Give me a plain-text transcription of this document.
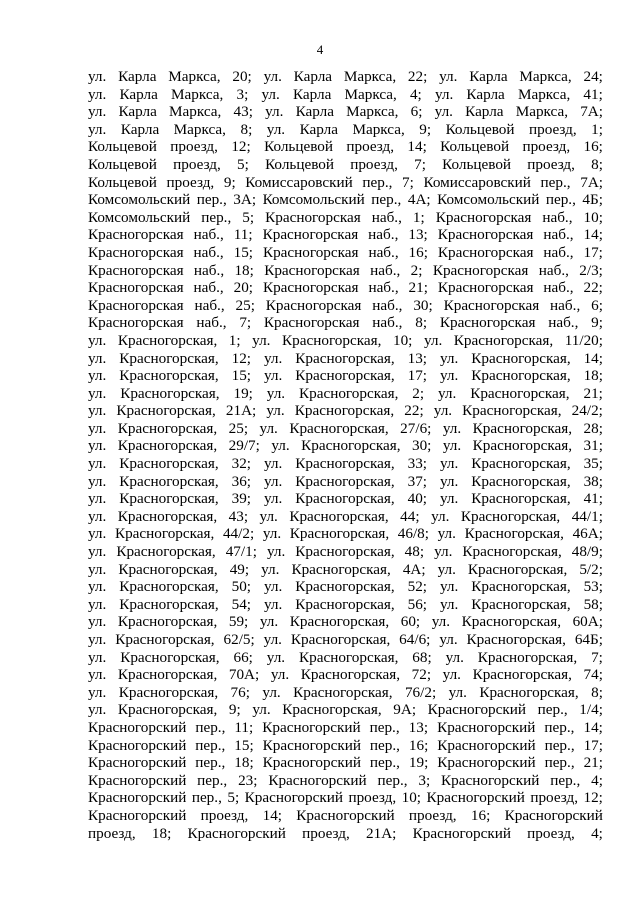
4
ул. Карла Маркса, 20; ул. Карла Маркса, 22; ул. Карла Маркса, 24;
ул. Карла Маркса, 3; ул. Карла Маркса, 4; ул. Карла Маркса, 41;
ул. Карла Маркса, 43; ул. Карла Маркса, 6; ул. Карла Маркса, 7А;
ул. Карла Маркса, 8; ул. Карла Маркса, 9; Кольцевой проезд, 1;
Кольцевой проезд, 12; Кольцевой проезд, 14; Кольцевой проезд, 16;
Кольцевой проезд, 5; Кольцевой проезд, 7; Кольцевой проезд, 8;
Кольцевой проезд, 9; Комиссаровский пер., 7; Комиссаровский пер., 7А;
Комсомольский пер., 3А; Комсомольский пер., 4А; Комсомольский пер., 4Б;
Комсомольский пер., 5; Красногорская наб., 1; Красногорская наб., 10;
Красногорская наб., 11; Красногорская наб., 13; Красногорская наб., 14;
Красногорская наб., 15; Красногорская наб., 16; Красногорская наб., 17;
Красногорская наб., 18; Красногорская наб., 2; Красногорская наб., 2/3;
Красногорская наб., 20; Красногорская наб., 21; Красногорская наб., 22;
Красногорская наб., 25; Красногорская наб., 30; Красногорская наб., 6;
Красногорская наб., 7; Красногорская наб., 8; Красногорская наб., 9;
ул. Красногорская, 1; ул. Красногорская, 10; ул. Красногорская, 11/20;
ул. Красногорская, 12; ул. Красногорская, 13; ул. Красногорская, 14;
ул. Красногорская, 15; ул. Красногорская, 17; ул. Красногорская, 18;
ул. Красногорская, 19; ул. Красногорская, 2; ул. Красногорская, 21;
ул. Красногорская, 21А; ул. Красногорская, 22; ул. Красногорская, 24/2;
ул. Красногорская, 25; ул. Красногорская, 27/6; ул. Красногорская, 28;
ул. Красногорская, 29/7; ул. Красногорская, 30; ул. Красногорская, 31;
ул. Красногорская, 32; ул. Красногорская, 33; ул. Красногорская, 35;
ул. Красногорская, 36; ул. Красногорская, 37; ул. Красногорская, 38;
ул. Красногорская, 39; ул. Красногорская, 40; ул. Красногорская, 41;
ул. Красногорская, 43; ул. Красногорская, 44; ул. Красногорская, 44/1;
ул. Красногорская, 44/2; ул. Красногорская, 46/8; ул. Красногорская, 46А;
ул. Красногорская, 47/1; ул. Красногорская, 48; ул. Красногорская, 48/9;
ул. Красногорская, 49; ул. Красногорская, 4А; ул. Красногорская, 5/2;
ул. Красногорская, 50; ул. Красногорская, 52; ул. Красногорская, 53;
ул. Красногорская, 54; ул. Красногорская, 56; ул. Красногорская, 58;
ул. Красногорская, 59; ул. Красногорская, 60; ул. Красногорская, 60А;
ул. Красногорская, 62/5; ул. Красногорская, 64/6; ул. Красногорская, 64Б;
ул. Красногорская, 66; ул. Красногорская, 68; ул. Красногорская, 7;
ул. Красногорская, 70А; ул. Красногорская, 72; ул. Красногорская, 74;
ул. Красногорская, 76; ул. Красногорская, 76/2; ул. Красногорская, 8;
ул. Красногорская, 9; ул. Красногорская, 9А; Красногорский пер., 1/4;
Красногорский пер., 11; Красногорский пер., 13; Красногорский пер., 14;
Красногорский пер., 15; Красногорский пер., 16; Красногорский пер., 17;
Красногорский пер., 18; Красногорский пер., 19; Красногорский пер., 21;
Красногорский пер., 23; Красногорский пер., 3; Красногорский пер., 4;
Красногорский пер., 5; Красногорский проезд, 10; Красногорский проезд, 12;
Красногорский проезд, 14; Красногорский проезд, 16; Красногорский
проезд, 18; Красногорский проезд, 21А; Красногорский проезд, 4;
